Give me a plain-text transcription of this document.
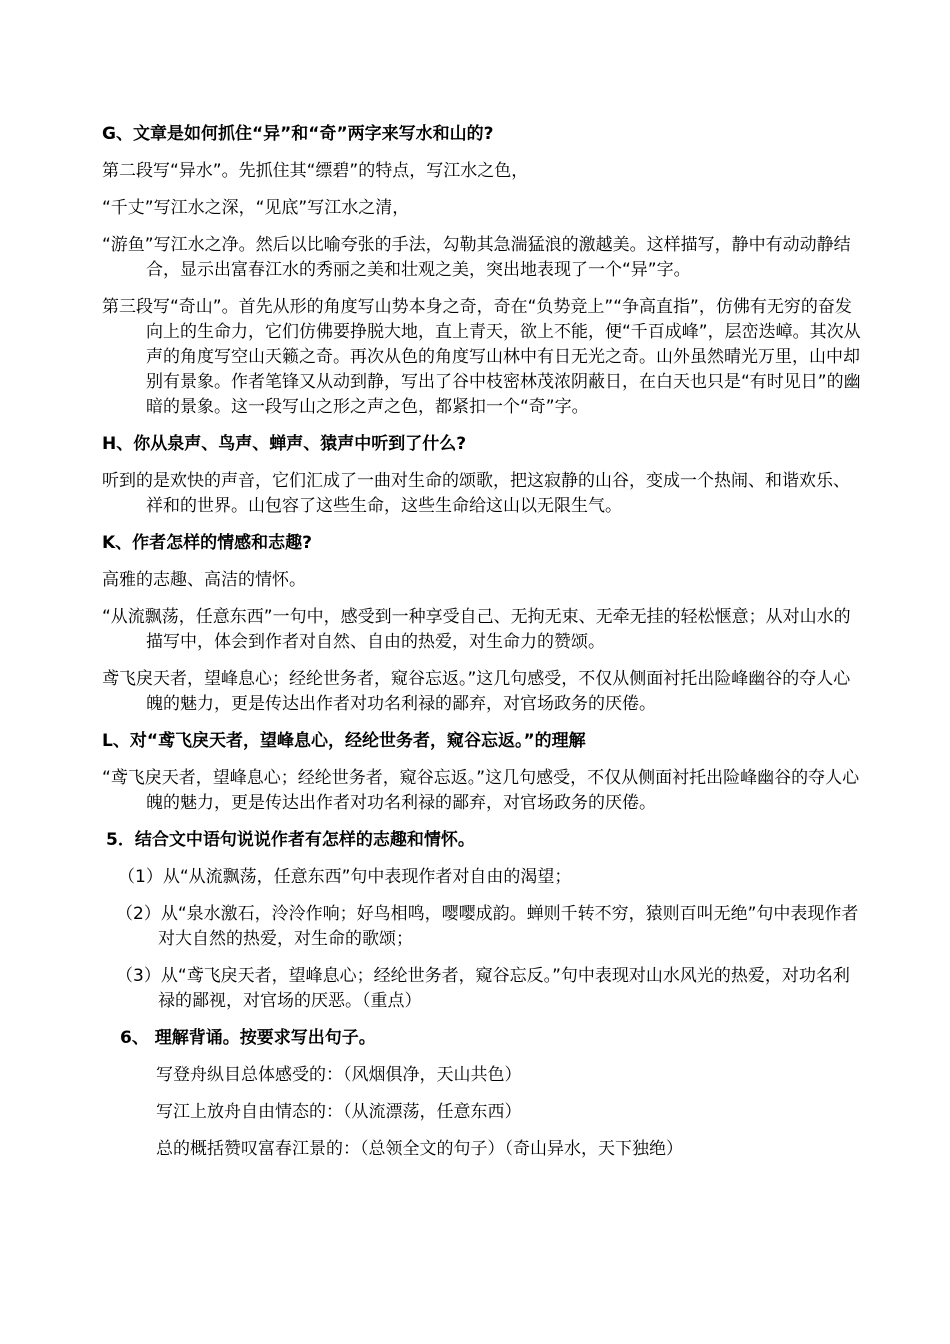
G、文章是如何抓住“异”和“奇”两字来写水和山的?

第二段写“异水”。先抓住其“缥碧”的特点，写江水之色，

“千丈”写江水之深，“见底”写江水之清，

“游鱼”写江水之净。然后以比喻夸张的手法，勾勒其急湍猛浪的激越美。这样描写，静中有动动静结合，显示出富春江水的秀丽之美和壮观之美，突出地表现了一个“异”字。

第三段写“奇山”。首先从形的角度写山势本身之奇，奇在“负势竞上”“争高直指”，仿佛有无穷的奋发向上的生命力，它们仿佛要挣脱大地，直上青天，欲上不能，便“千百成峰”，层峦迭嶂。其次从声的角度写空山天籁之奇。再次从色的角度写山林中有日无光之奇。山外虽然晴光万里，山中却别有景象。作者笔锋又从动到静，写出了谷中枝密林茂浓阴蔽日，在白天也只是“有时见日”的幽暗的景象。这一段写山之形之声之色，都紧扣一个“奇”字。

H、你从泉声、鸟声、蝉声、猿声中听到了什么?

听到的是欢快的声音，它们汇成了一曲对生命的颂歌，把这寂静的山谷，变成一个热闹、和谐欢乐、祥和的世界。山包容了这些生命，这些生命给这山以无限生气。

K、作者怎样的情感和志趣?

高雅的志趣、高洁的情怀。

“从流飘荡，任意东西”一句中，感受到一种享受自己、无拘无束、无牵无挂的轻松惬意；从对山水的描写中，体会到作者对自然、自由的热爱，对生命力的赞颂。

鸢飞戾天者，望峰息心；经纶世务者，窥谷忘返。”这几句感受，不仅从侧面衬托出险峰幽谷的夺人心魄的魅力，更是传达出作者对功名利禄的鄙弃，对官场政务的厌倦。

L、对“鸢飞戾天者，望峰息心，经纶世务者，窥谷忘返。”的理解

“鸢飞戾天者，望峰息心；经纶世务者，窥谷忘返。”这几句感受，不仅从侧面衬托出险峰幽谷的夺人心魄的魅力，更是传达出作者对功名利禄的鄙弃，对官场政务的厌倦。

5．结合文中语句说说作者有怎样的志趣和情怀。

（1）从“从流飘荡，任意东西”句中表现作者对自由的渴望；

（2）从“泉水激石，泠泠作响；好鸟相鸣，嘤嘤成韵。蝉则千转不穷，猿则百叫无绝”句中表现作者对大自然的热爱，对生命的歌颂；

（3）从“鸢飞戾天者，望峰息心；经纶世务者，窥谷忘反。”句中表现对山水风光的热爱，对功名利禄的鄙视，对官场的厌恶。（重点）

6、 理解背诵。按要求写出句子。

写登舟纵目总体感受的：（风烟俱净，天山共色）

写江上放舟自由情态的：（从流漂荡，任意东西）

总的概括赞叹富春江景的：（总领全文的句子）（奇山异水，天下独绝）
